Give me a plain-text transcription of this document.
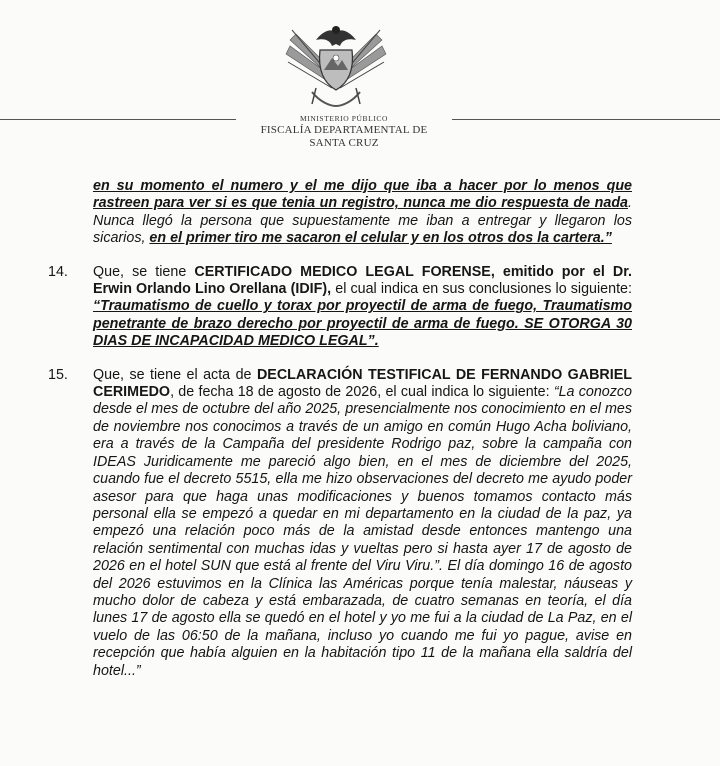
MINISTERIO PÚBLICO
FISCALÍA DEPARTAMENTAL DE
SANTA CRUZ
en su momento el numero y el me dijo que iba a hacer por lo menos que rastreen para ver si es que tenia un registro, nunca me dio respuesta de nada. Nunca llegó la persona que supuestamente me iban a entregar y llegaron los sicarios, en el primer tiro me sacaron el celular y en los otros dos la cartera.”
14.	Que, se tiene CERTIFICADO MEDICO LEGAL FORENSE, emitido por el Dr. Erwin Orlando Lino Orellana (IDIF), el cual indica en sus conclusiones lo siguiente: “Traumatismo de cuello y torax por proyectil de arma de fuego, Traumatismo penetrante de brazo derecho por proyectil de arma de fuego. SE OTORGA 30 DIAS DE INCAPACIDAD MEDICO LEGAL”.
15.	Que, se tiene el acta de DECLARACIÓN TESTIFICAL DE FERNANDO GABRIEL CERIMEDO, de fecha 18 de agosto de 2026, el cual indica lo siguiente: “La conozco desde el mes de octubre del año 2025, presencialmente nos conocimiento en el mes de noviembre nos conocimos a través de un amigo en común Hugo Acha boliviano, era a través de la Campaña del presidente Rodrigo paz, sobre la campaña con IDEAS Juridicamente me pareció algo bien, en el mes de diciembre del 2025, cuando fue el decreto 5515, ella me hizo observaciones del decreto me ayudo poder asesor para que haga unas modificaciones y buenos tomamos contacto más personal ella se empezó a quedar en mi departamento en la ciudad de la paz, ya empezó una relación poco más de la amistad desde entonces mantengo una relación sentimental con muchas idas y vueltas pero si hasta ayer 17 de agosto de 2026 en el hotel SUN que está al frente del Viru Viru.”. El día domingo 16 de agosto del 2026 estuvimos en la Clínica las Américas porque tenía malestar, náuseas y mucho dolor de cabeza y está embarazada, de cuatro semanas en teoría, el día lunes 17 de agosto ella se quedó en el hotel y yo me fui a la ciudad de La Paz, en el vuelo de las 06:50 de la mañana, incluso yo cuando me fui yo pague, avise en recepción que había alguien en la habitación tipo 11 de la mañana ella saldría del hotel...”
